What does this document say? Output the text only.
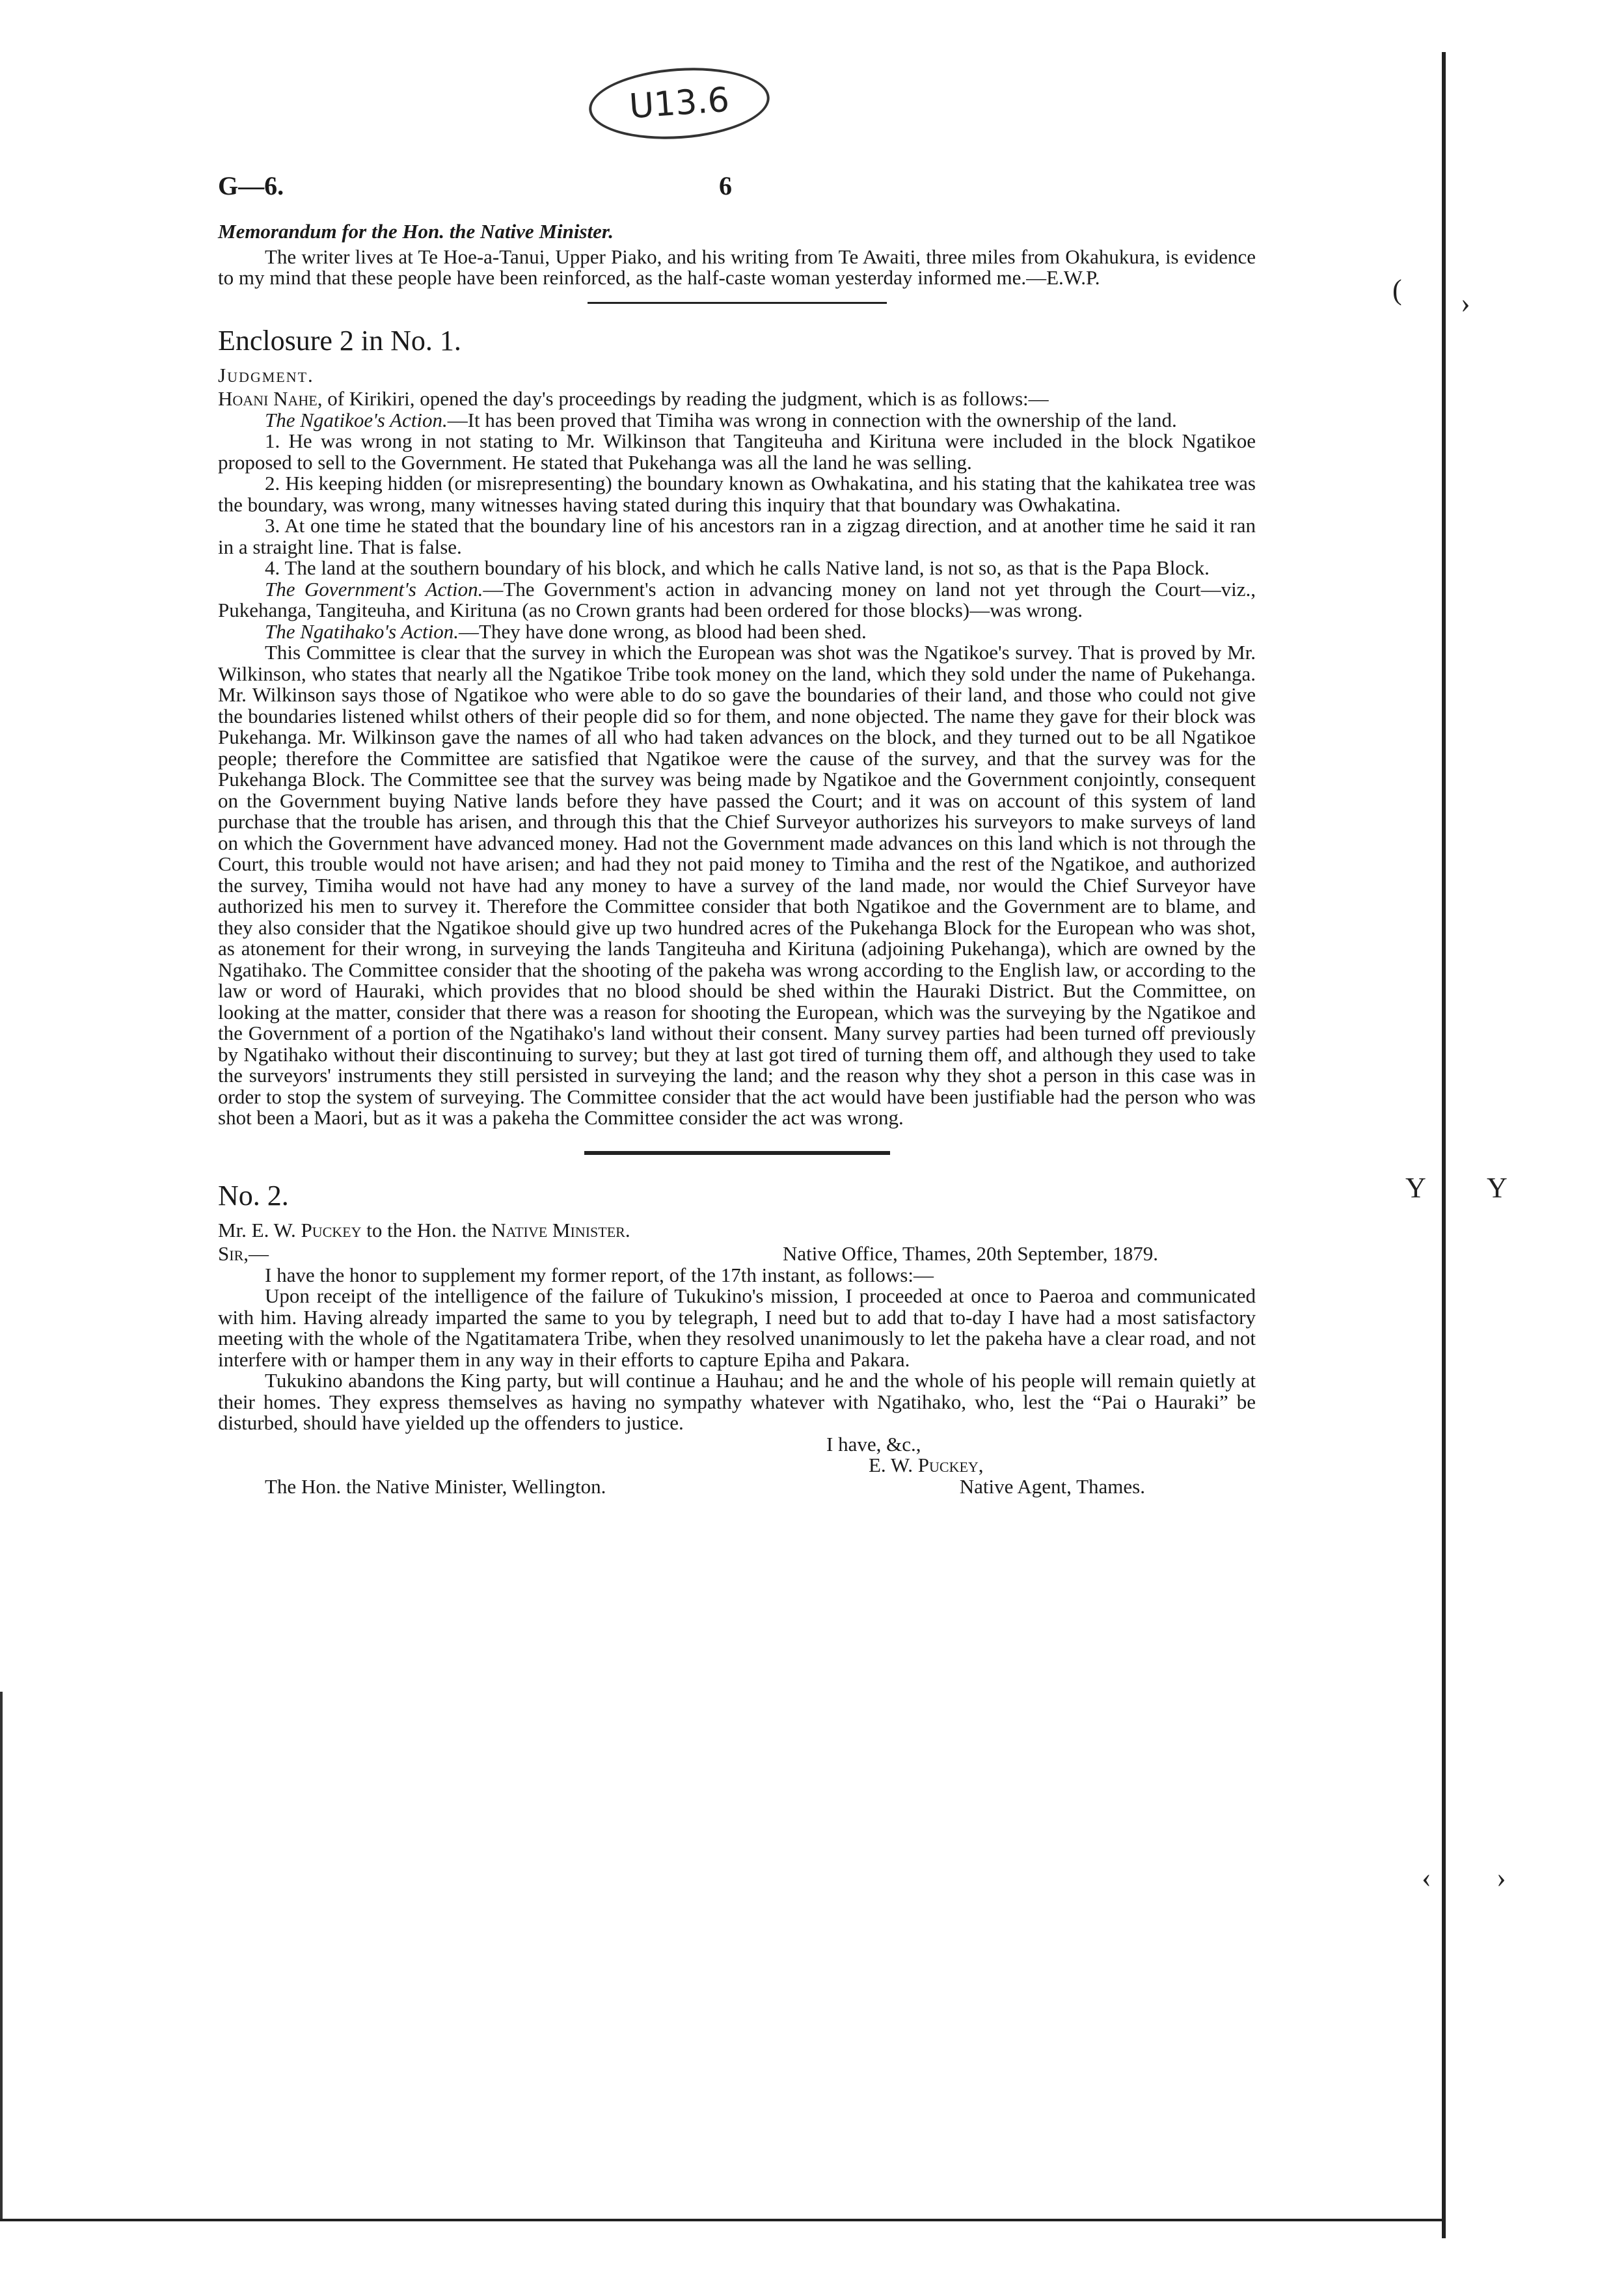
( ›
Y Y
‹ ›
U13.6
G—6.	6

Memorandum for the Hon. the Native Minister.

The writer lives at Te Hoe-a-Tanui, Upper Piako, and his writing from Te Awaiti, three miles from Okahukura, is evidence to my mind that these people have been reinforced, as the half-caste woman yesterday informed me.—E.W.P.

Enclosure 2 in No. 1.

Judgment.

Hoani Nahe, of Kirikiri, opened the day's proceedings by reading the judgment, which is as follows:—

The Ngatikoe's Action.—It has been proved that Timiha was wrong in connection with the ownership of the land.

1. He was wrong in not stating to Mr. Wilkinson that Tangiteuha and Kirituna were included in the block Ngatikoe proposed to sell to the Government. He stated that Pukehanga was all the land he was selling.

2. His keeping hidden (or misrepresenting) the boundary known as Owhakatina, and his stating that the kahikatea tree was the boundary, was wrong, many witnesses having stated during this inquiry that that boundary was Owhakatina.

3. At one time he stated that the boundary line of his ancestors ran in a zigzag direction, and at another time he said it ran in a straight line. That is false.

4. The land at the southern boundary of his block, and which he calls Native land, is not so, as that is the Papa Block.

The Government's Action.—The Government's action in advancing money on land not yet through the Court—viz., Pukehanga, Tangiteuha, and Kirituna (as no Crown grants had been ordered for those blocks)—was wrong.

The Ngatihako's Action.—They have done wrong, as blood had been shed.

This Committee is clear that the survey in which the European was shot was the Ngatikoe's survey. That is proved by Mr. Wilkinson, who states that nearly all the Ngatikoe Tribe took money on the land, which they sold under the name of Pukehanga. Mr. Wilkinson says those of Ngatikoe who were able to do so gave the boundaries of their land, and those who could not give the boundaries listened whilst others of their people did so for them, and none objected. The name they gave for their block was Pukehanga. Mr. Wilkinson gave the names of all who had taken advances on the block, and they turned out to be all Ngatikoe people; therefore the Committee are satisfied that Ngatikoe were the cause of the survey, and that the survey was for the Pukehanga Block. The Committee see that the survey was being made by Ngatikoe and the Government conjointly, consequent on the Government buying Native lands before they have passed the Court; and it was on account of this system of land purchase that the trouble has arisen, and through this that the Chief Surveyor authorizes his surveyors to make surveys of land on which the Government have advanced money. Had not the Government made advances on this land which is not through the Court, this trouble would not have arisen; and had they not paid money to Timiha and the rest of the Ngatikoe, and authorized the survey, Timiha would not have had any money to have a survey of the land made, nor would the Chief Surveyor have authorized his men to survey it. Therefore the Committee consider that both Ngatikoe and the Government are to blame, and they also consider that the Ngatikoe should give up two hundred acres of the Pukehanga Block for the European who was shot, as atonement for their wrong, in surveying the lands Tangiteuha and Kirituna (adjoining Pukehanga), which are owned by the Ngatihako. The Committee consider that the shooting of the pakeha was wrong according to the English law, or according to the law or word of Hauraki, which provides that no blood should be shed within the Hauraki District. But the Committee, on looking at the matter, consider that there was a reason for shooting the European, which was the surveying by the Ngatikoe and the Government of a portion of the Ngatihako's land without their consent. Many survey parties had been turned off previously by Ngatihako without their discontinuing to survey; but they at last got tired of turning them off, and although they used to take the surveyors' instruments they still persisted in surveying the land; and the reason why they shot a person in this case was in order to stop the system of surveying. The Committee consider that the act would have been justifiable had the person who was shot been a Maori, but as it was a pakeha the Committee consider the act was wrong.

No. 2.

Mr. E. W. Puckey to the Hon. the Native Minister.

Sir,—	Native Office, Thames, 20th September, 1879.

I have the honor to supplement my former report, of the 17th instant, as follows:—

Upon receipt of the intelligence of the failure of Tukukino's mission, I proceeded at once to Paeroa and communicated with him. Having already imparted the same to you by telegraph, I need but to add that to-day I have had a most satisfactory meeting with the whole of the Ngatitamatera Tribe, when they resolved unanimously to let the pakeha have a clear road, and not interfere with or hamper them in any way in their efforts to capture Epiha and Pakara.

Tukukino abandons the King party, but will continue a Hauhau; and he and the whole of his people will remain quietly at their homes. They express themselves as having no sympathy whatever with Ngatihako, who, lest the “Pai o Hauraki” be disturbed, should have yielded up the offenders to justice.

I have, &c.,

E. W. Puckey,

The Hon. the Native Minister, Wellington.	Native Agent, Thames.
